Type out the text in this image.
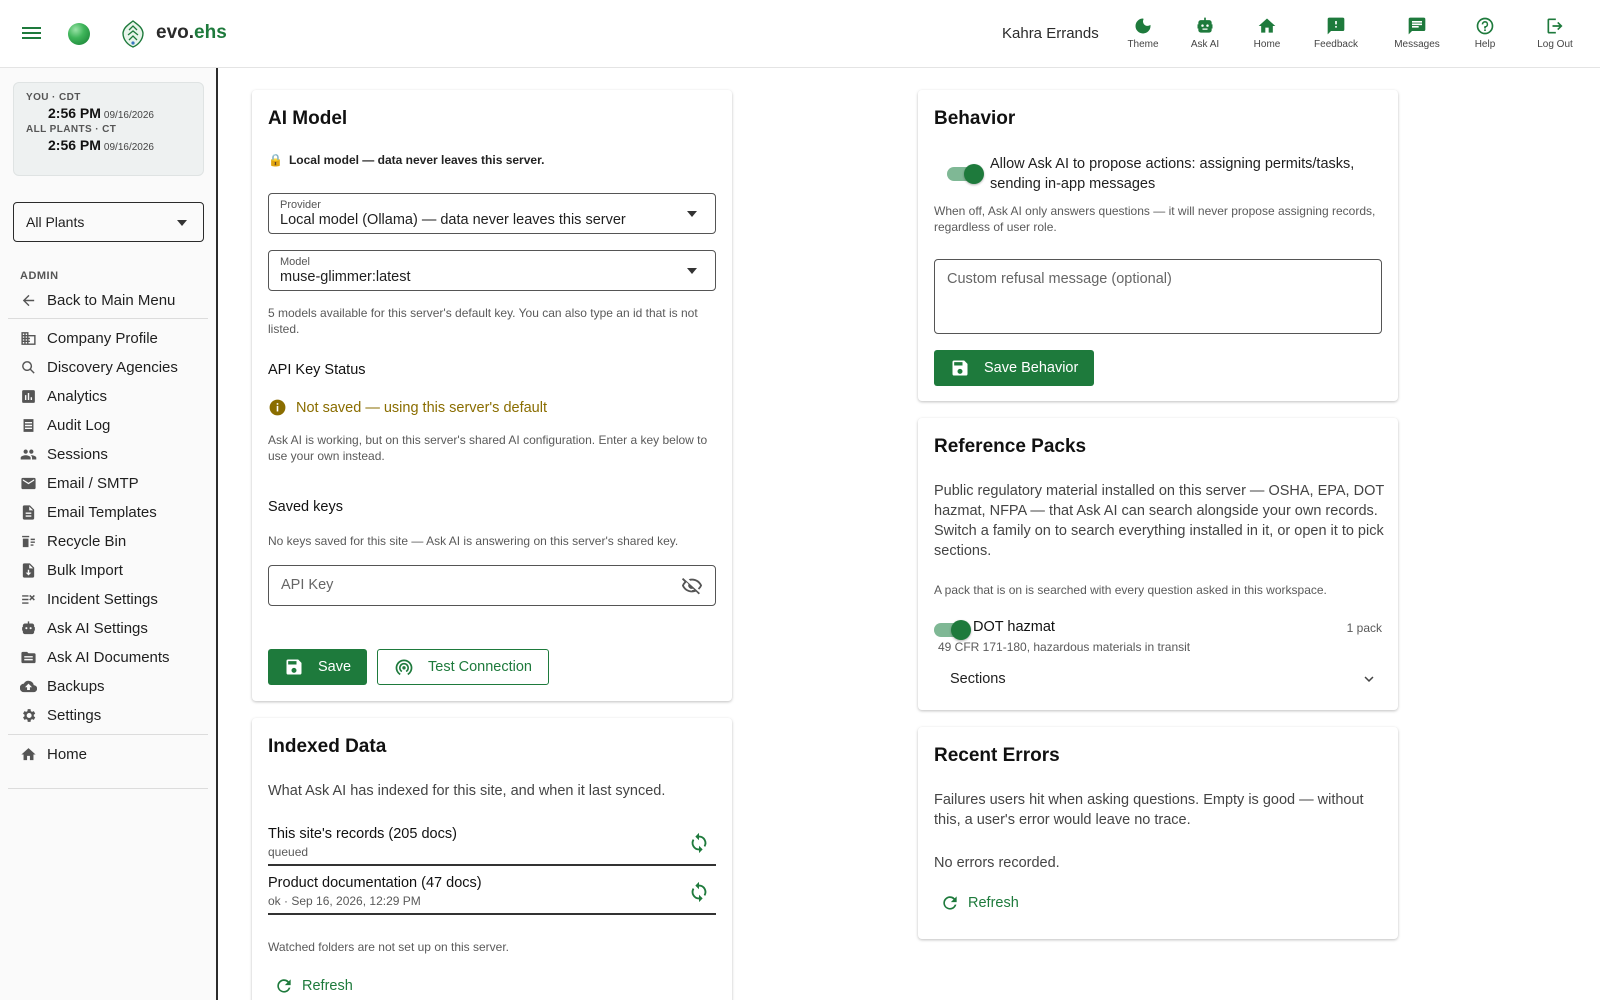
evo.ehs	Kahra Errands
Theme	Ask AI	Home	Feedback	Messages	Help	Log Out
YOU · CDT
2:56 PM 09/16/2026
ALL PLANTS · CT
2:56 PM 09/16/2026
All Plants
ADMIN
Back to Main Menu
Company Profile
Discovery Agencies
Analytics
Audit Log
Sessions
Email / SMTP
Email Templates
Recycle Bin
Bulk Import
Incident Settings
Ask AI Settings
Ask AI Documents
Backups
Settings
Home
AI Model
🔒 Local model — data never leaves this server.
Provider
Local model (Ollama) — data never leaves this server
Model
muse-glimmer:latest
5 models available for this server's default key. You can also type an id that is not listed.
API Key Status
Not saved — using this server's default
Ask AI is working, but on this server's shared AI configuration. Enter a key below to use your own instead.
Saved keys
No keys saved for this site — Ask AI is answering on this server's shared key.
API Key
Save	Test Connection
Indexed Data
What Ask AI has indexed for this site, and when it last synced.
This site's records (205 docs)
queued
Product documentation (47 docs)
ok · Sep 16, 2026, 12:29 PM
Watched folders are not set up on this server.
Refresh
Behavior
Allow Ask AI to propose actions: assigning permits/tasks, sending in-app messages
When off, Ask AI only answers questions — it will never propose assigning records, regardless of user role.
Custom refusal message (optional)
Save Behavior
Reference Packs
Public regulatory material installed on this server — OSHA, EPA, DOT hazmat, NFPA — that Ask AI can search alongside your own records. Switch a family on to search everything installed in it, or open it to pick sections.
A pack that is on is searched with every question asked in this workspace.
DOT hazmat	1 pack
49 CFR 171-180, hazardous materials in transit
Sections
Recent Errors
Failures users hit when asking questions. Empty is good — without this, a user's error would leave no trace.
No errors recorded.
Refresh
